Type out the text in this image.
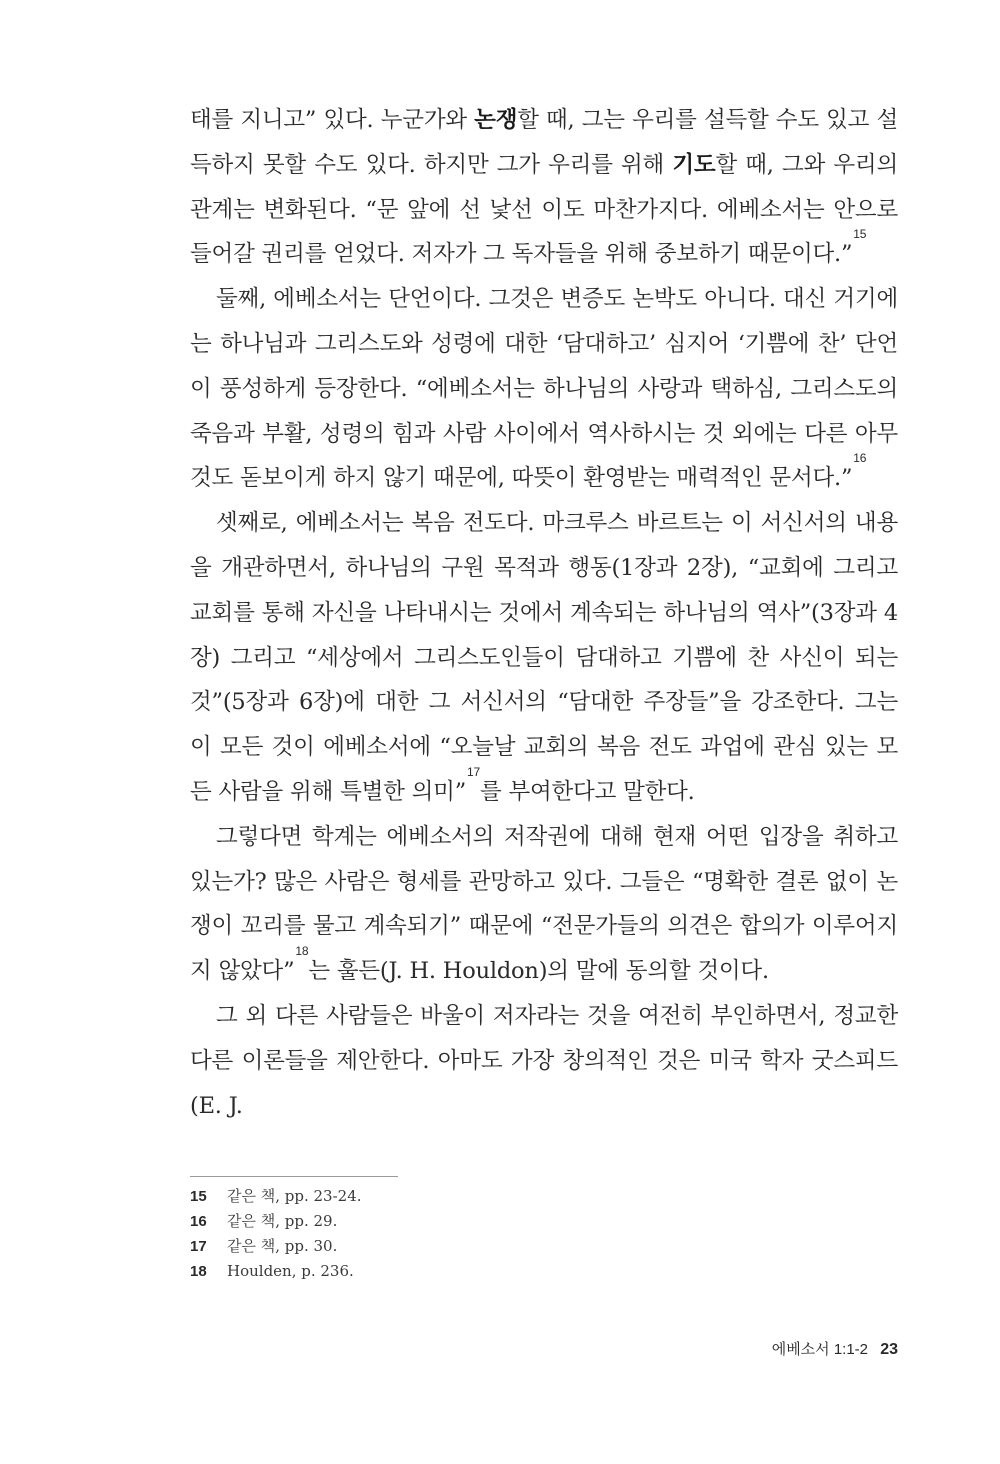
태를 지니고” 있다. 누군가와 논쟁할 때, 그는 우리를 설득할 수도 있고 설득하지 못할 수도 있다. 하지만 그가 우리를 위해 기도할 때, 그와 우리의 관계는 변화된다. “문 앞에 선 낯선 이도 마찬가지다. 에베소서는 안으로 들어갈 권리를 얻었다. 저자가 그 독자들을 위해 중보하기 때문이다.”$^{15}$

둘째, 에베소서는 단언이다. 그것은 변증도 논박도 아니다. 대신 거기에는 하나님과 그리스도와 성령에 대한 ‘담대하고’ 심지어 ‘기쁨에 찬’ 단언이 풍성하게 등장한다. “에베소서는 하나님의 사랑과 택하심, 그리스도의 죽음과 부활, 성령의 힘과 사람 사이에서 역사하시는 것 외에는 다른 아무것도 돋보이게 하지 않기 때문에, 따뜻이 환영받는 매력적인 문서다.”$^{16}$

셋째로, 에베소서는 복음 전도다. 마크루스 바르트는 이 서신서의 내용을 개관하면서, 하나님의 구원 목적과 행동(1장과 2장), “교회에 그리고 교회를 통해 자신을 나타내시는 것에서 계속되는 하나님의 역사”(3장과 4장) 그리고 “세상에서 그리스도인들이 담대하고 기쁨에 찬 사신이 되는 것”(5장과 6장)에 대한 그 서신서의 “담대한 주장들”을 강조한다. 그는 이 모든 것이 에베소서에 “오늘날 교회의 복음 전도 과업에 관심 있는 모든 사람을 위해 특별한 의미”$^{17}$를 부여한다고 말한다.

그렇다면 학계는 에베소서의 저작권에 대해 현재 어떤 입장을 취하고 있는가? 많은 사람은 형세를 관망하고 있다. 그들은 “명확한 결론 없이 논쟁이 꼬리를 물고 계속되기” 때문에 “전문가들의 의견은 합의가 이루어지지 않았다”$^{18}$는 훌든(J. H. Houldon)의 말에 동의할 것이다.

그 외 다른 사람들은 바울이 저자라는 것을 여전히 부인하면서, 정교한 다른 이론들을 제안한다. 아마도 가장 창의적인 것은 미국 학자 굿스피드(E. J.

15	같은 책, pp. 23-24.
16	같은 책, pp. 29.
17	같은 책, pp. 30.
18	Houlden, p. 236.
에베소서 1:1-2 23
